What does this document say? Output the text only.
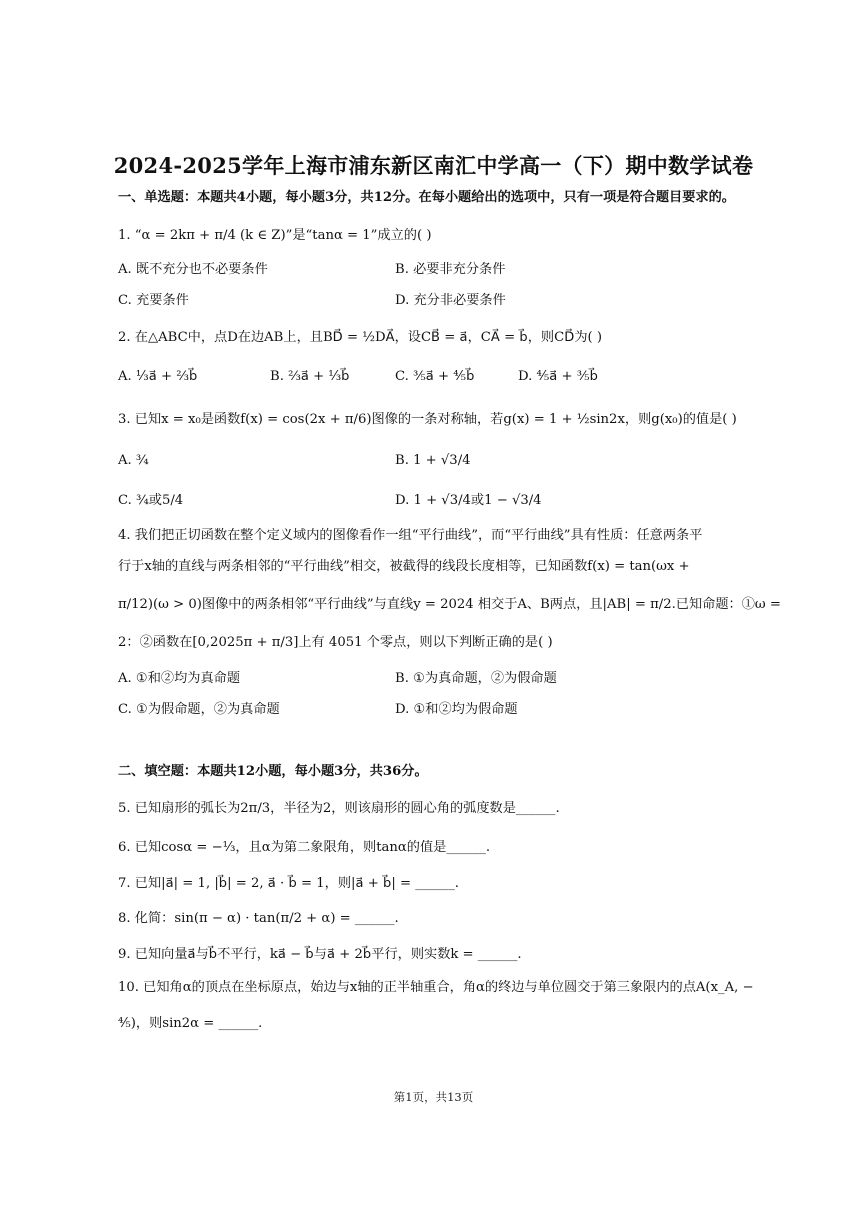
2024-2025学年上海市浦东新区南汇中学高一（下）期中数学试卷
一、单选题：本题共4小题，每小题3分，共12分。在每小题给出的选项中，只有一项是符合题目要求的。
1. “α = 2kπ + π/4 (k ∈ Z)”是“tanα = 1”成立的( )
A. 既不充分也不必要条件	B. 必要非充分条件
C. 充要条件	D. 充分非必要条件
2. 在△ABC中，点D在边AB上，且BD⃗ = ½DA⃗，设CB⃗ = a⃗，CA⃗ = b⃗，则CD⃗为( )
A. ⅓a⃗ + ⅔b⃗	B. ⅔a⃗ + ⅓b⃗	C. ⅗a⃗ + ⅘b⃗	D. ⅘a⃗ + ⅗b⃗
3. 已知x = x₀是函数f(x) = cos(2x + π/6)图像的一条对称轴，若g(x) = 1 + ½sin2x，则g(x₀)的值是( )
A. ¾	B. 1 + √3/4
C. ¾或5/4	D. 1 + √3/4或1 − √3/4
4. 我们把正切函数在整个定义域内的图像看作一组“平行曲线”，而“平行曲线”具有性质：任意两条平
行于x轴的直线与两条相邻的“平行曲线”相交，被截得的线段长度相等，已知函数f(x) = tan(ωx +
π/12)(ω > 0)图像中的两条相邻“平行曲线”与直线y = 2024 相交于A、B两点，且|AB| = π/2.已知命题：①ω =
2：②函数在[0,2025π + π/3]上有 4051 个零点，则以下判断正确的是( )
A. ①和②均为真命题	B. ①为真命题，②为假命题
C. ①为假命题，②为真命题	D. ①和②均为假命题
二、填空题：本题共12小题，每小题3分，共36分。
5. 已知扇形的弧长为2π/3，半径为2，则该扇形的圆心角的弧度数是______.
6. 已知cosα = −⅓，且α为第二象限角，则tanα的值是______.
7. 已知|a⃗| = 1, |b⃗| = 2, a⃗ · b⃗ = 1，则|a⃗ + b⃗| = ______.
8. 化简：sin(π − α) · tan(π/2 + α) = ______.
9. 已知向量a⃗与b⃗不平行，ka⃗ − b⃗与a⃗ + 2b⃗平行，则实数k = ______.
10. 已知角α的顶点在坐标原点，始边与x轴的正半轴重合，角α的终边与单位圆交于第三象限内的点A(x_A, −
⅘)，则sin2α = ______.
第1页，共13页
